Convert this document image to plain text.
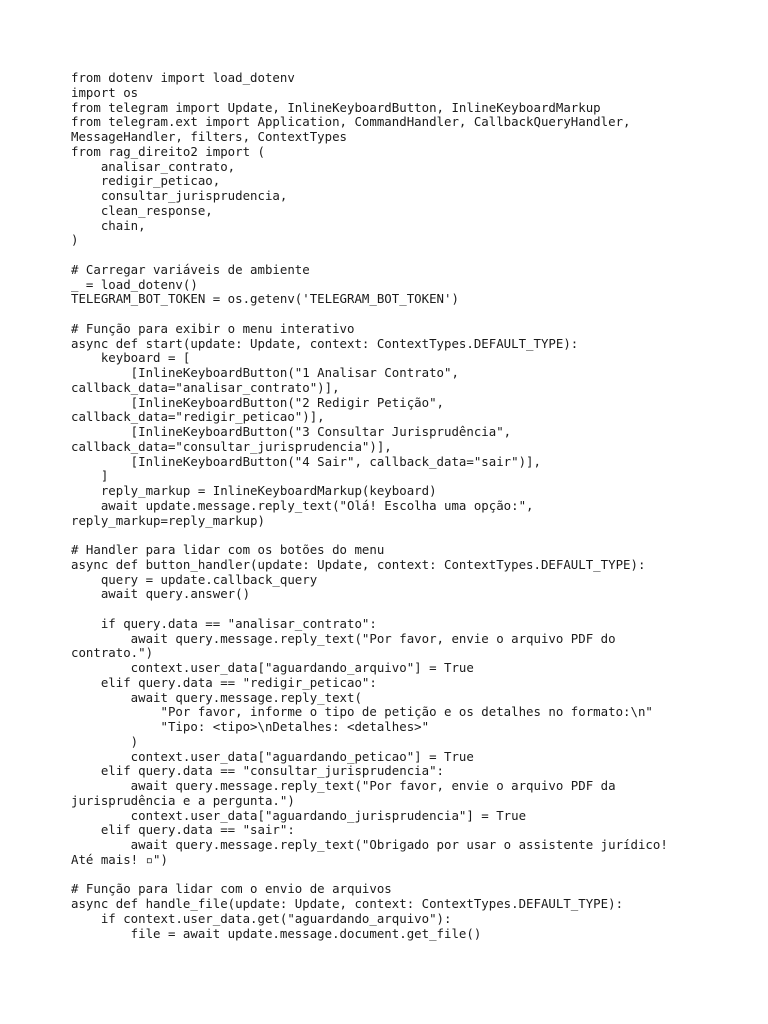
from dotenv import load_dotenv
import os
from telegram import Update, InlineKeyboardButton, InlineKeyboardMarkup
from telegram.ext import Application, CommandHandler, CallbackQueryHandler,
MessageHandler, filters, ContextTypes
from rag_direito2 import (
analisar_contrato,
redigir_peticao,
consultar_jurisprudencia,
clean_response,
chain,
)
# Carregar variáveis de ambiente
_ = load_dotenv()
TELEGRAM_BOT_TOKEN = os.getenv('TELEGRAM_BOT_TOKEN')
# Função para exibir o menu interativo
async def start(update: Update, context: ContextTypes.DEFAULT_TYPE):
keyboard = [
[InlineKeyboardButton("1 Analisar Contrato",
callback_data="analisar_contrato")],
[InlineKeyboardButton("2 Redigir Petição",
callback_data="redigir_peticao")],
[InlineKeyboardButton("3 Consultar Jurisprudência",
callback_data="consultar_jurisprudencia")],
[InlineKeyboardButton("4 Sair", callback_data="sair")],
]
reply_markup = InlineKeyboardMarkup(keyboard)
await update.message.reply_text("Olá! Escolha uma opção:",
reply_markup=reply_markup)
# Handler para lidar com os botões do menu
async def button_handler(update: Update, context: ContextTypes.DEFAULT_TYPE):
query = update.callback_query
await query.answer()
if query.data == "analisar_contrato":
await query.message.reply_text("Por favor, envie o arquivo PDF do
contrato.")
context.user_data["aguardando_arquivo"] = True
elif query.data == "redigir_peticao":
await query.message.reply_text(
"Por favor, informe o tipo de petição e os detalhes no formato:\n"
"Tipo: <tipo>\nDetalhes: <detalhes>"
)
context.user_data["aguardando_peticao"] = True
elif query.data == "consultar_jurisprudencia":
await query.message.reply_text("Por favor, envie o arquivo PDF da
jurisprudência e a pergunta.")
context.user_data["aguardando_jurisprudencia"] = True
elif query.data == "sair":
await query.message.reply_text("Obrigado por usar o assistente jurídico!
Até mais! ▫")
# Função para lidar com o envio de arquivos
async def handle_file(update: Update, context: ContextTypes.DEFAULT_TYPE):
if context.user_data.get("aguardando_arquivo"):
file = await update.message.document.get_file()
